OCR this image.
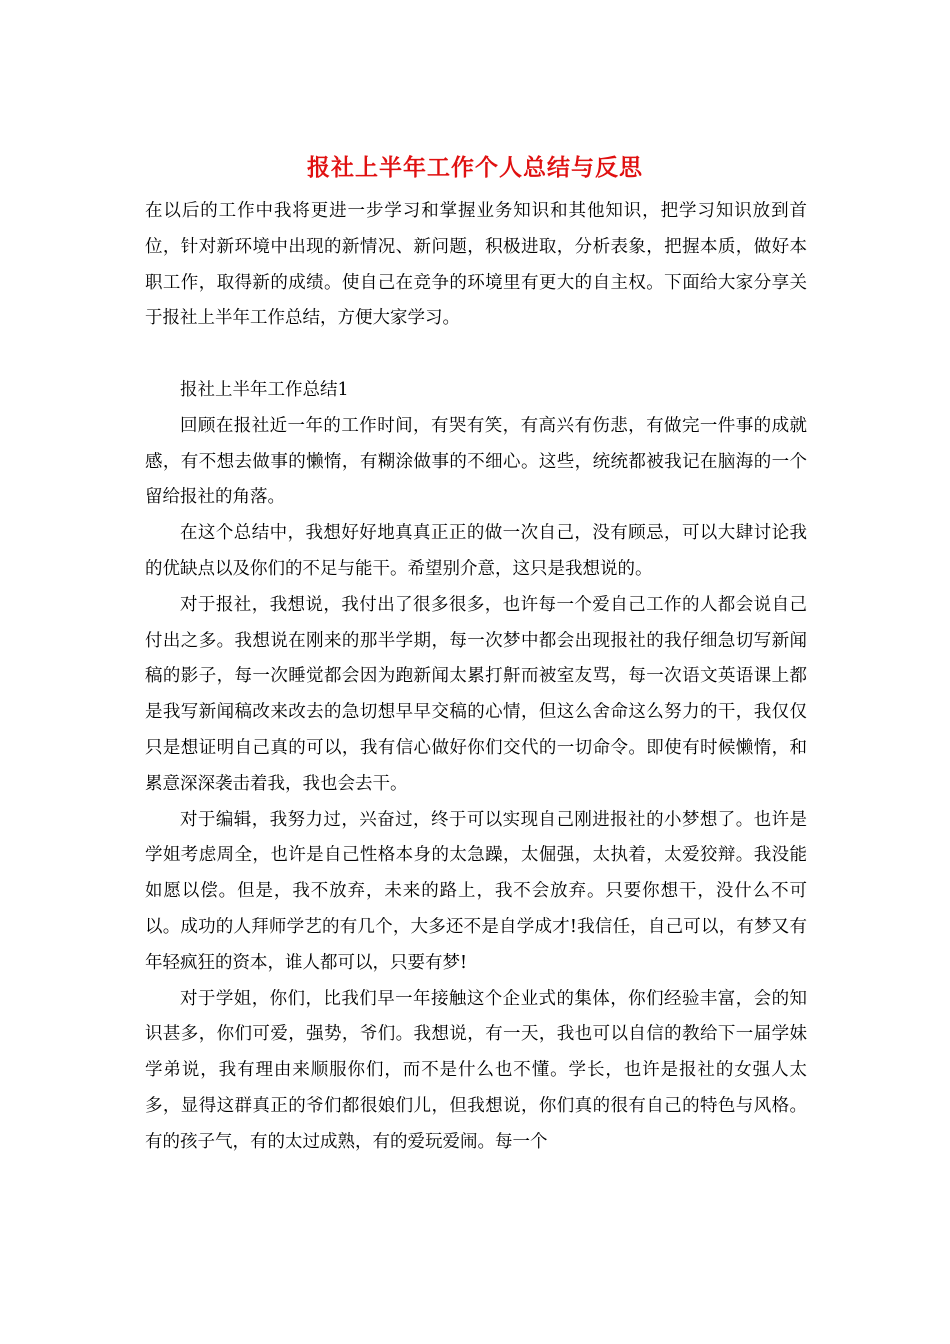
报社上半年工作个人总结与反思

在以后的工作中我将更进一步学习和掌握业务知识和其他知识，把学习知识放到首位，针对新环境中出现的新情况、新问题，积极进取，分析表象，把握本质，做好本职工作，取得新的成绩。使自己在竞争的环境里有更大的自主权。下面给大家分享关于报社上半年工作总结，方便大家学习。

报社上半年工作总结1

回顾在报社近一年的工作时间，有哭有笑，有高兴有伤悲，有做完一件事的成就感，有不想去做事的懒惰，有糊涂做事的不细心。这些，统统都被我记在脑海的一个留给报社的角落。

在这个总结中，我想好好地真真正正的做一次自己，没有顾忌，可以大肆讨论我的优缺点以及你们的不足与能干。希望别介意，这只是我想说的。

对于报社，我想说，我付出了很多很多，也许每一个爱自己工作的人都会说自己付出之多。我想说在刚来的那半学期，每一次梦中都会出现报社的我仔细急切写新闻稿的影子，每一次睡觉都会因为跑新闻太累打鼾而被室友骂，每一次语文英语课上都是我写新闻稿改来改去的急切想早早交稿的心情，但这么舍命这么努力的干，我仅仅只是想证明自己真的可以，我有信心做好你们交代的一切命令。即使有时候懒惰，和累意深深袭击着我，我也会去干。

对于编辑，我努力过，兴奋过，终于可以实现自己刚进报社的小梦想了。也许是学姐考虑周全，也许是自己性格本身的太急躁，太倔强，太执着，太爱狡辩。我没能如愿以偿。但是，我不放弃，未来的路上，我不会放弃。只要你想干，没什么不可以。成功的人拜师学艺的有几个，大多还不是自学成才!我信任，自己可以，有梦又有年轻疯狂的资本，谁人都可以，只要有梦!

对于学姐，你们，比我们早一年接触这个企业式的集体，你们经验丰富，会的知识甚多，你们可爱，强势，爷们。我想说，有一天，我也可以自信的教给下一届学妹学弟说，我有理由来顺服你们，而不是什么也不懂。学长，也许是报社的女强人太多，显得这群真正的爷们都很娘们儿，但我想说，你们真的很有自己的特色与风格。有的孩子气，有的太过成熟，有的爱玩爱闹。每一个
